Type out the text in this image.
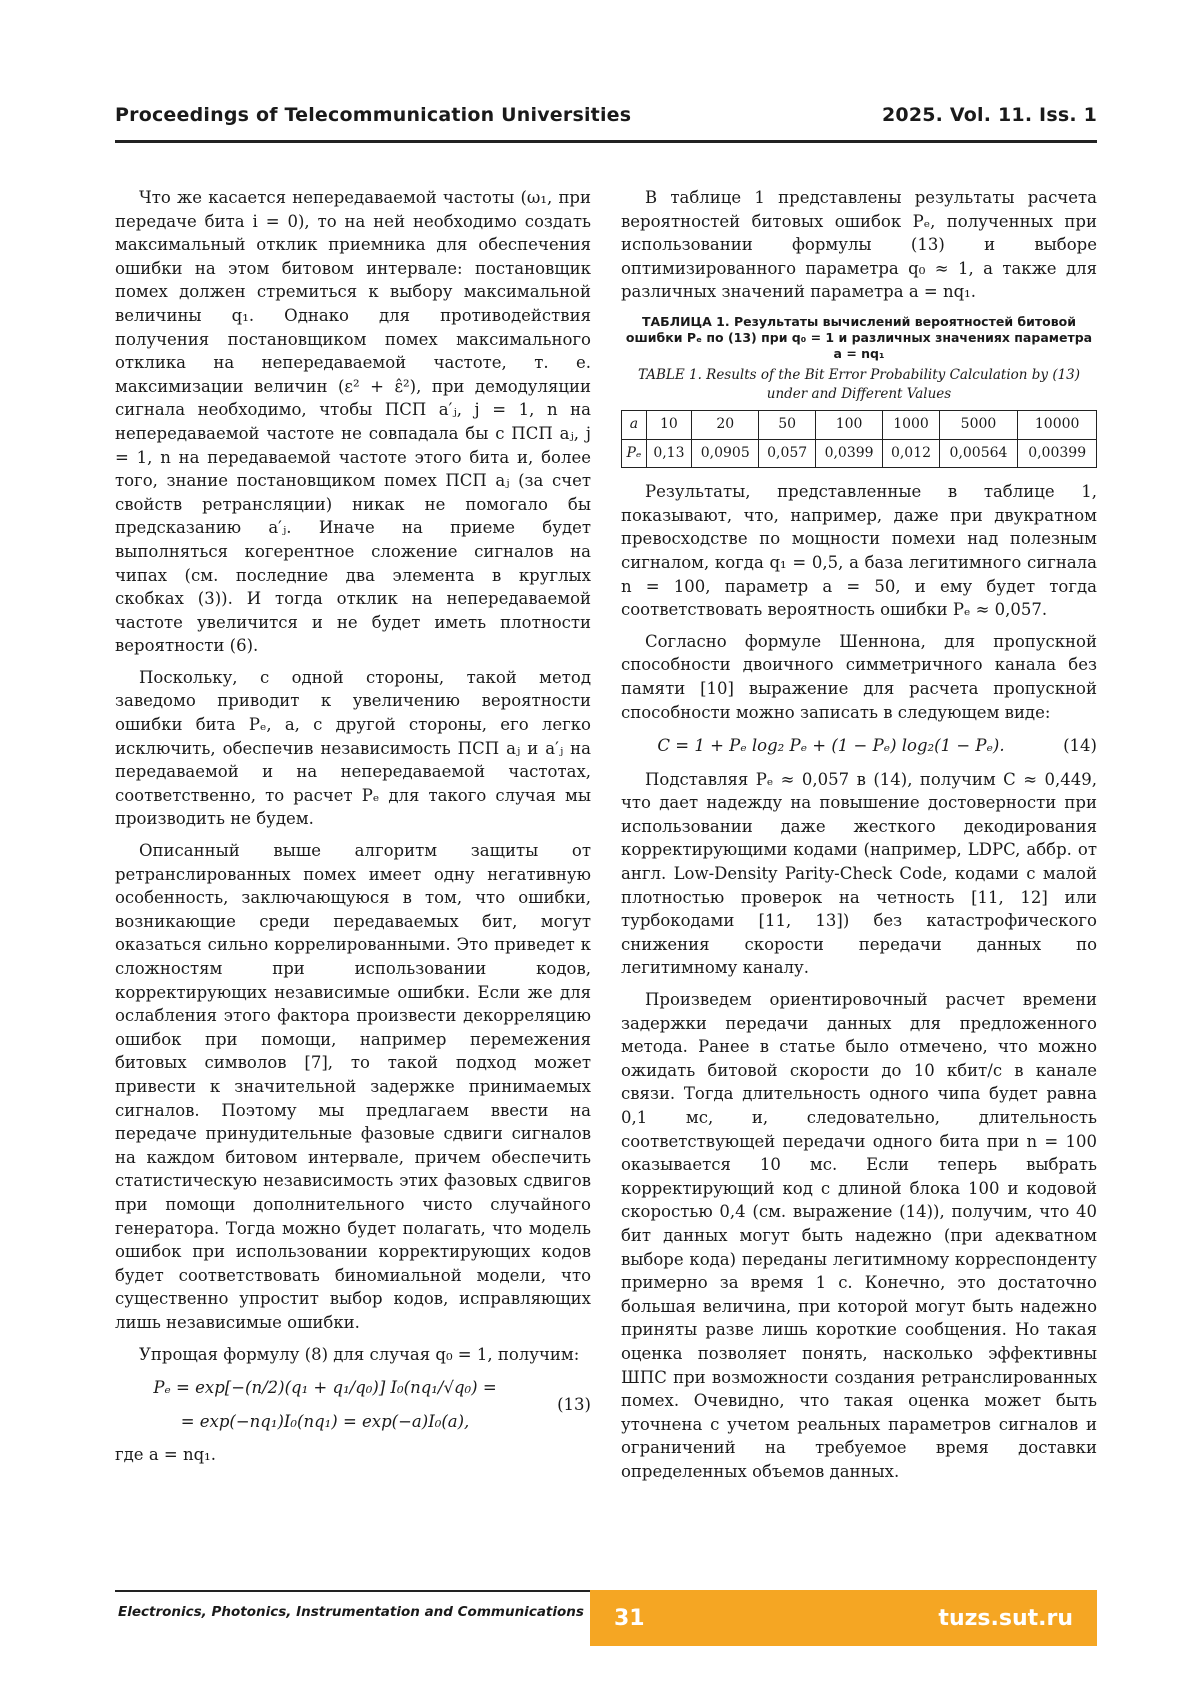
Proceedings of Telecommunication Universities	2025. Vol. 11. Iss. 1

Что же касается непередаваемой частоты (ω₁, при передаче бита i = 0), то на ней необходимо создать максимальный отклик приемника для обеспечения ошибки на этом битовом интервале: постановщик помех должен стремиться к выбору максимальной величины q₁. Однако для противодействия получения постановщиком помех максимального отклика на непередаваемой частоте, т. е. максимизации величин (ε² + ε̂²), при демодуляции сигнала необходимо, чтобы ПСП a′ⱼ, j = 1, n на непередаваемой частоте не совпадала бы с ПСП aⱼ, j = 1, n на передаваемой частоте этого бита и, более того, знание постановщиком помех ПСП aⱼ (за счет свойств ретрансляции) никак не помогало бы предсказанию a′ⱼ. Иначе на приеме будет выполняться когерентное сложение сигналов на чипах (см. последние два элемента в круглых скобках (3)). И тогда отклик на непередаваемой частоте увеличится и не будет иметь плотности вероятности (6).

Поскольку, с одной стороны, такой метод заведомо приводит к увеличению вероятности ошибки бита Pₑ, а, с другой стороны, его легко исключить, обеспечив независимость ПСП aⱼ и a′ⱼ на передаваемой и на непередаваемой частотах, соответственно, то расчет Pₑ для такого случая мы производить не будем.

Описанный выше алгоритм защиты от ретранслированных помех имеет одну негативную особенность, заключающуюся в том, что ошибки, возникающие среди передаваемых бит, могут оказаться сильно коррелированными. Это приведет к сложностям при использовании кодов, корректирующих независимые ошибки. Если же для ослабления этого фактора произвести декорреляцию ошибок при помощи, например перемежения битовых символов [7], то такой подход может привести к значительной задержке принимаемых сигналов. Поэтому мы предлагаем ввести на передаче принудительные фазовые сдвиги сигналов на каждом битовом интервале, причем обеспечить статистическую независимость этих фазовых сдвигов при помощи дополнительного чисто случайного генератора. Тогда можно будет полагать, что модель ошибок при использовании корректирующих кодов будет соответствовать биномиальной модели, что существенно упростит выбор кодов, исправляющих лишь независимые ошибки.

Упрощая формулу (8) для случая q₀ = 1, получим:

Pₑ = exp[−(n/2)(q₁ + q₁/q₀)] I₀(nq₁/√q₀) =
= exp(−nq₁)I₀(nq₁) = exp(−a)I₀(a),
(13)

где a = nq₁.

В таблице 1 представлены результаты расчета вероятностей битовых ошибок Pₑ, полученных при использовании формулы (13) и выборе оптимизированного параметра q₀ ≈ 1, а также для различных значений параметра a = nq₁.

ТАБЛИЦА 1. Результаты вычислений вероятностей битовой ошибки Pₑ по (13) при q₀ = 1 и различных значениях параметра a = nq₁
TABLE 1. Results of the Bit Error Probability Calculation by (13) under and Different Values
a	10	20	50	100	1000	5000	10000
Pₑ	0,13	0,0905	0,057	0,0399	0,012	0,00564	0,00399

Результаты, представленные в таблице 1, показывают, что, например, даже при двукратном превосходстве по мощности помехи над полезным сигналом, когда q₁ = 0,5, а база легитимного сигнала n = 100, параметр a = 50, и ему будет тогда соответствовать вероятность ошибки Pₑ ≈ 0,057.

Согласно формуле Шеннона, для пропускной способности двоичного симметричного канала без памяти [10] выражение для расчета пропускной способности можно записать в следующем виде:

C = 1 + Pₑ log₂ Pₑ + (1 − Pₑ) log₂(1 − Pₑ).	(14)

Подставляя Pₑ ≈ 0,057 в (14), получим C ≈ 0,449, что дает надежду на повышение достоверности при использовании даже жесткого декодирования корректирующими кодами (например, LDPC, аббр. от англ. Low-Density Parity-Check Code, кодами с малой плотностью проверок на четность [11, 12] или турбокодами [11, 13]) без катастрофического снижения скорости передачи данных по легитимному каналу.

Произведем ориентировочный расчет времени задержки передачи данных для предложенного метода. Ранее в статье было отмечено, что можно ожидать битовой скорости до 10 кбит/с в канале связи. Тогда длительность одного чипа будет равна 0,1 мс, и, следовательно, длительность соответствующей передачи одного бита при n = 100 оказывается 10 мс. Если теперь выбрать корректирующий код с длиной блока 100 и кодовой скоростью 0,4 (см. выражение (14)), получим, что 40 бит данных могут быть надежно (при адекватном выборе кода) переданы легитимному корреспонденту примерно за время 1 с. Конечно, это достаточно большая величина, при которой могут быть надежно приняты разве лишь короткие сообщения. Но такая оценка позволяет понять, насколько эффективны ШПС при возможности создания ретранслированных помех. Очевидно, что такая оценка может быть уточнена с учетом реальных параметров сигналов и ограничений на требуемое время доставки определенных объемов данных.

Electronics, Photonics, Instrumentation and Communications 31	tuzs.sut.ru
